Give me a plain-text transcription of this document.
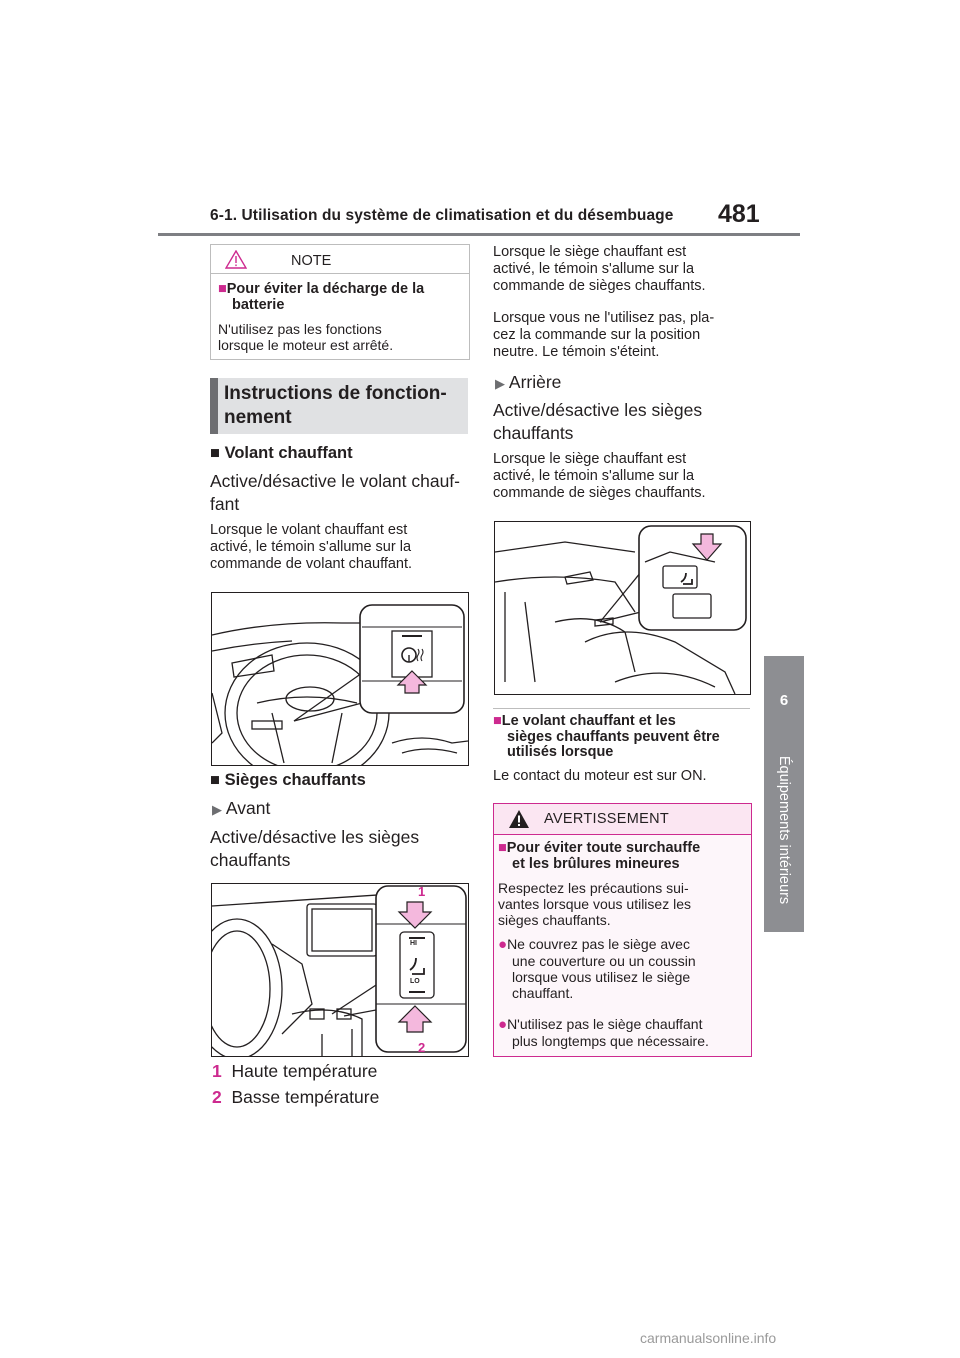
6-1. Utilisation du système de climatisation et du désembuage 481
6
Équipements intérieurs
NOTE
■Pour éviter la décharge de la
batterie
N'utilisez pas les fonctions
lorsque le moteur est arrêté.
Instructions de fonction-
nement
■ Volant chauffant
Active/désactive le volant chauf-
fant
Lorsque le volant chauffant est
activé, le témoin s'allume sur la
commande de volant chauffant.
■ Sièges chauffants
▶ Avant
Active/désactive les sièges
chauffants
1
2
HI
LO
1 Haute température
2 Basse température
Lorsque le siège chauffant est
activé, le témoin s'allume sur la
commande de sièges chauffants.
Lorsque vous ne l'utilisez pas, pla-
cez la commande sur la position
neutre. Le témoin s'éteint.
▶ Arrière
Active/désactive les sièges
chauffants
Lorsque le siège chauffant est
activé, le témoin s'allume sur la
commande de sièges chauffants.
■Le volant chauffant et les
sièges chauffants peuvent être
utilisés lorsque
Le contact du moteur est sur ON.
AVERTISSEMENT
■Pour éviter toute surchauffe
et les brûlures mineures
Respectez les précautions sui-
vantes lorsque vous utilisez les
sièges chauffants.
●Ne couvrez pas le siège avec
une couverture ou un coussin
lorsque vous utilisez le siège
chauffant.
●N'utilisez pas le siège chauffant
plus longtemps que nécessaire.
carmanualsonline.info
